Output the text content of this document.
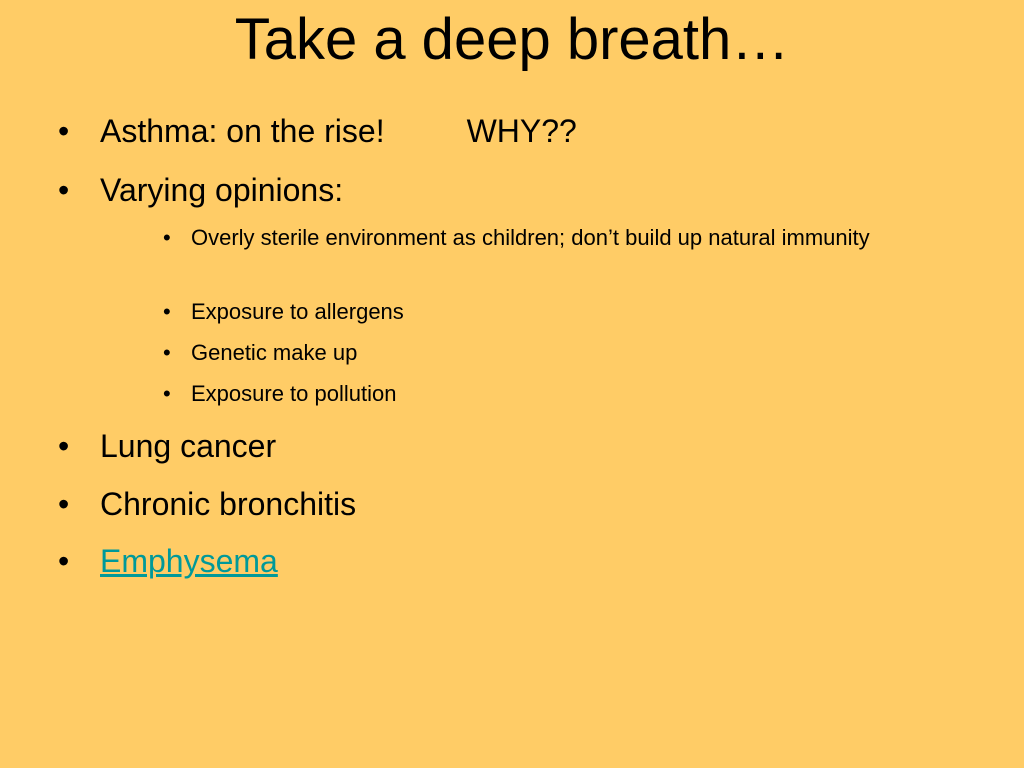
Take a deep breath…
• Asthma: on the rise!	WHY??
• Varying opinions:
• Overly sterile environment as children; don’t build up natural immunity
• Exposure to allergens
• Genetic make up
• Exposure to pollution
• Lung cancer
• Chronic bronchitis
• Emphysema
